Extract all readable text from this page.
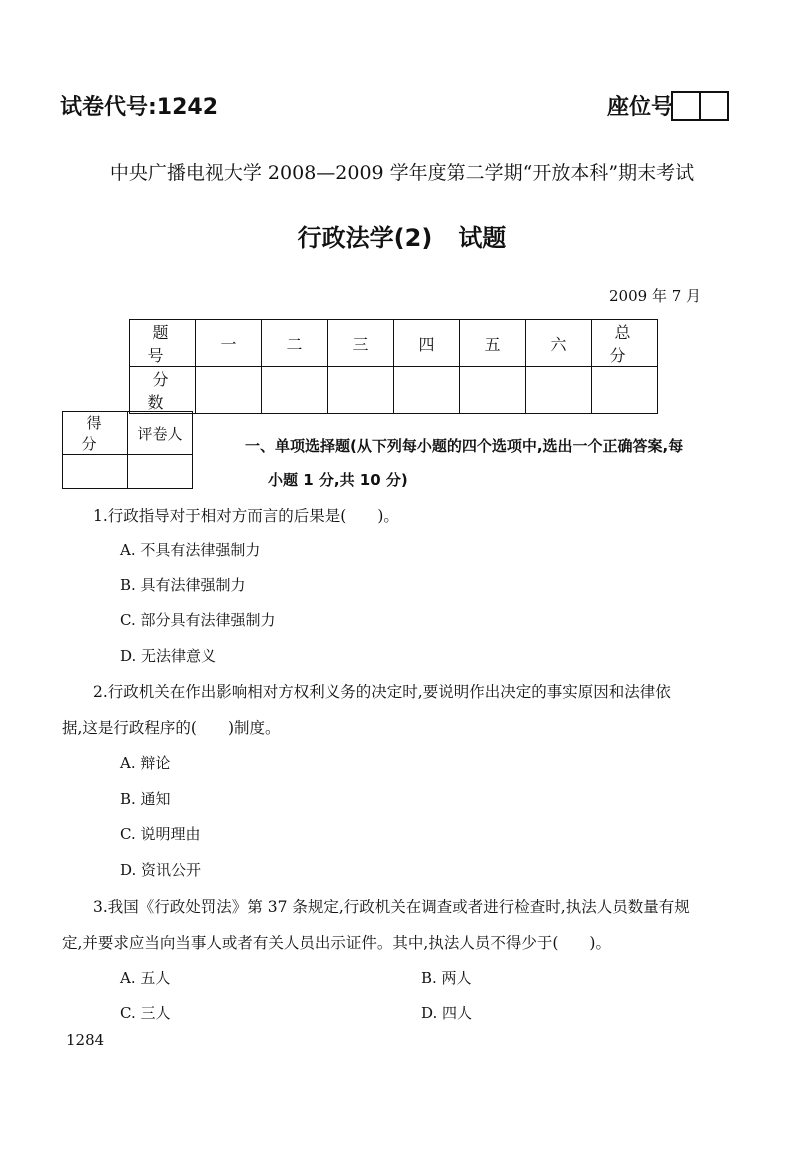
试卷代号:1242	座位号
中央广播电视大学 2008—2009 学年度第二学期“开放本科”期末考试
行政法学(2) 试题
2009 年 7 月
题 号	一	二	三	四	五	六	总 分
分 数							
得 分	评卷人

一、单项选择题(从下列每小题的四个选项中,选出一个正确答案,每
小题 1 分,共 10 分)
1.行政指导对于相对方而言的后果是(　　)。
A. 不具有法律强制力
B. 具有法律强制力
C. 部分具有法律强制力
D. 无法律意义
2.行政机关在作出影响相对方权利义务的决定时,要说明作出决定的事实原因和法律依
据,这是行政程序的(　　)制度。
A. 辩论
B. 通知
C. 说明理由
D. 资讯公开
3.我国《行政处罚法》第 37 条规定,行政机关在调查或者进行检查时,执法人员数量有规
定,并要求应当向当事人或者有关人员出示证件。其中,执法人员不得少于(　　)。
A. 五人	B. 两人
C. 三人	D. 四人
1284
